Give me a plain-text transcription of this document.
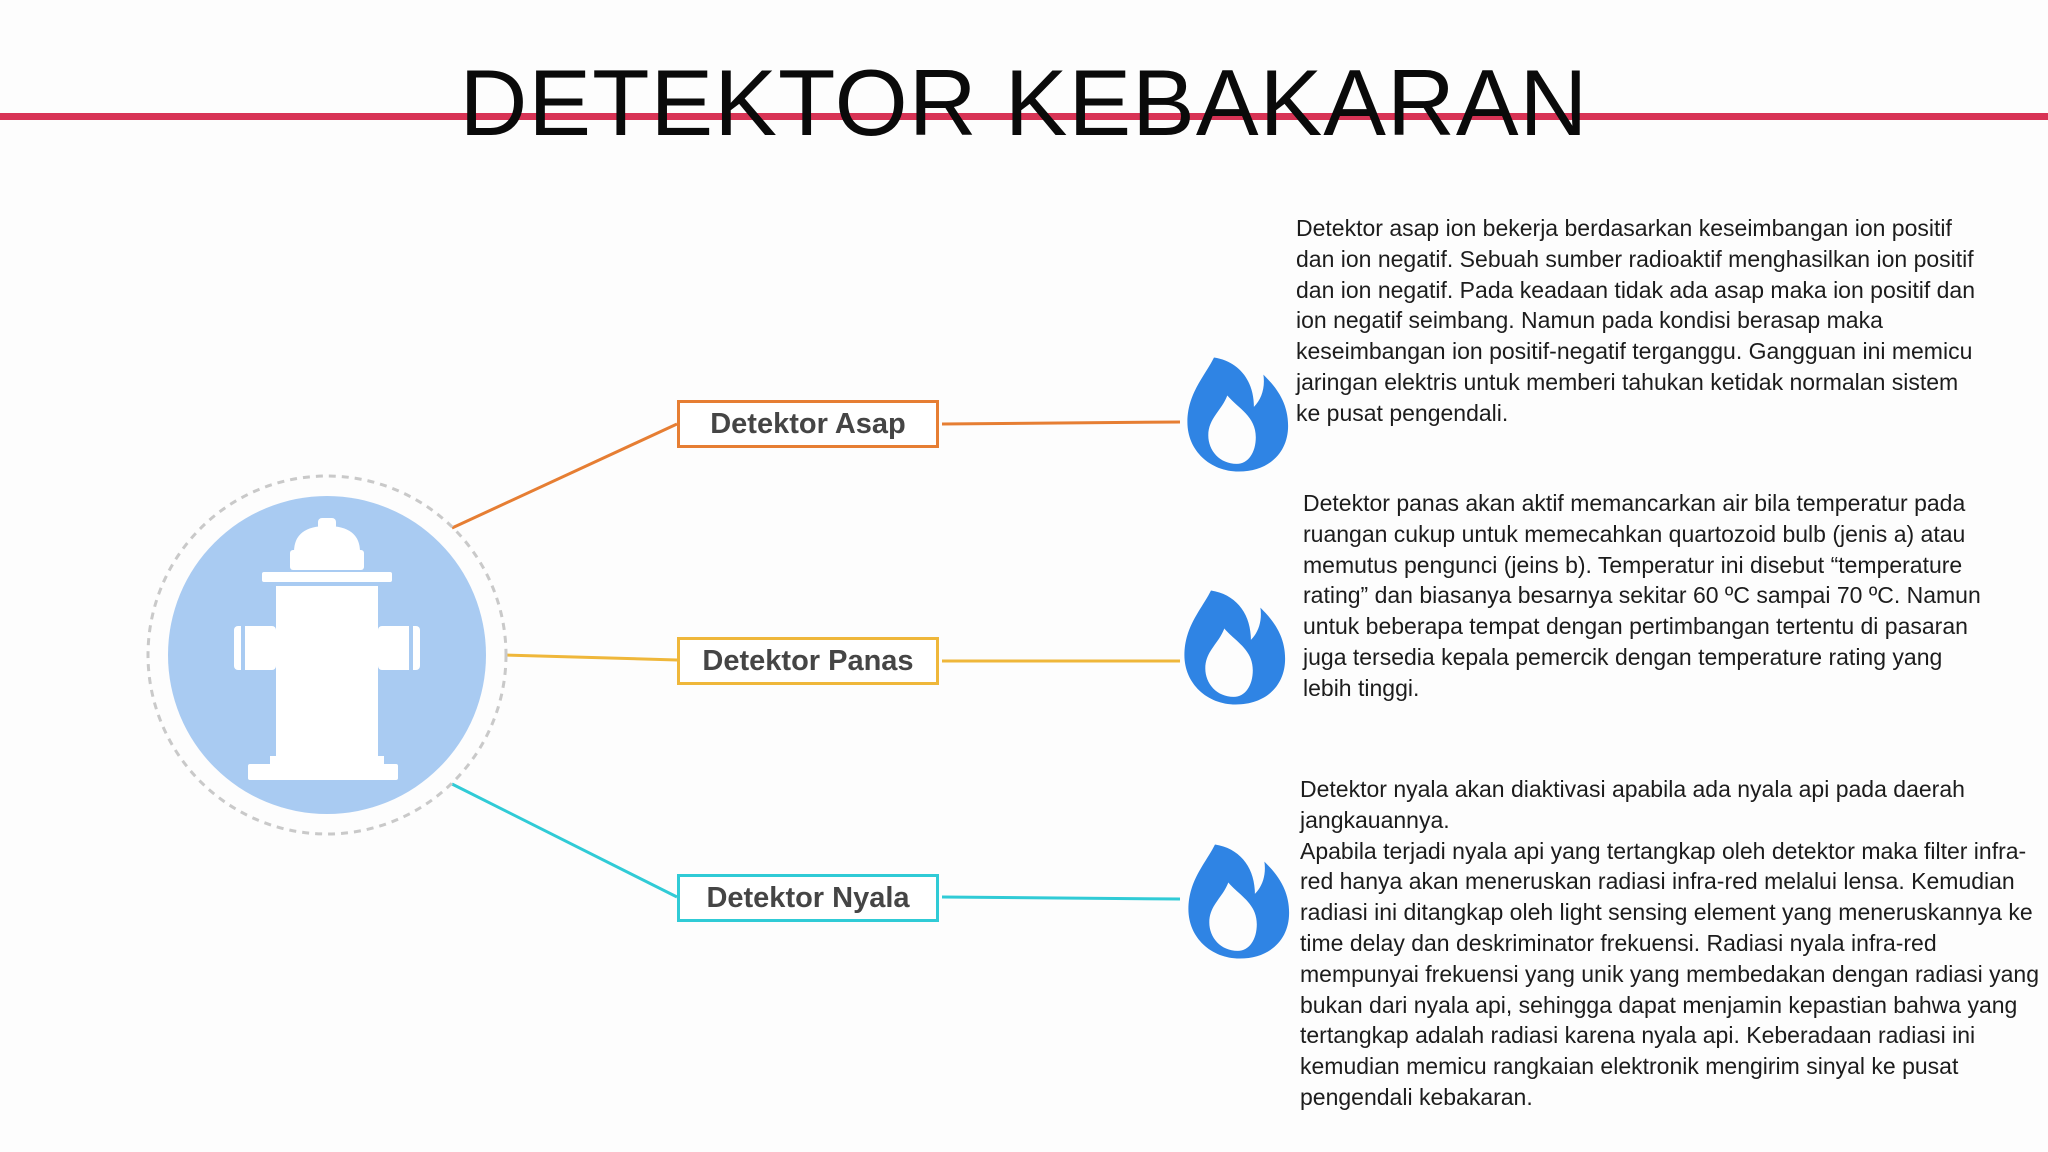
DETEKTOR KEBAKARAN
Detektor Asap
Detektor Panas
Detektor Nyala

Detektor asap ion bekerja berdasarkan keseimbangan ion positif dan ion negatif. Sebuah sumber radioaktif menghasilkan ion positif dan ion negatif. Pada keadaan tidak ada asap maka ion positif dan ion negatif seimbang. Namun pada kondisi berasap maka keseimbangan ion positif-negatif terganggu. Gangguan ini memicu jaringan elektris untuk memberi tahukan ketidak normalan sistem ke pusat pengendali.

Detektor panas akan aktif memancarkan air bila temperatur pada ruangan cukup untuk memecahkan quartozoid bulb (jenis a) atau memutus pengunci (jeins b). Temperatur ini disebut “temperature rating” dan biasanya besarnya sekitar 60 ºC sampai 70 ºC. Namun untuk beberapa tempat dengan pertimbangan tertentu di pasaran juga tersedia kepala pemercik dengan temperature rating yang lebih tinggi.

Detektor nyala akan diaktivasi apabila ada nyala api pada daerah jangkauannya.

Apabila terjadi nyala api yang tertangkap oleh detektor maka filter infra-red hanya akan meneruskan radiasi infra-red melalui lensa. Kemudian radiasi ini ditangkap oleh light sensing element yang meneruskannya ke time delay dan deskriminator frekuensi. Radiasi nyala infra-red mempunyai frekuensi yang unik yang membedakan dengan radiasi yang bukan dari nyala api, sehingga dapat menjamin kepastian bahwa yang tertangkap adalah radiasi karena nyala api. Keberadaan radiasi ini kemudian memicu rangkaian elektronik mengirim sinyal ke pusat pengendali kebakaran.
